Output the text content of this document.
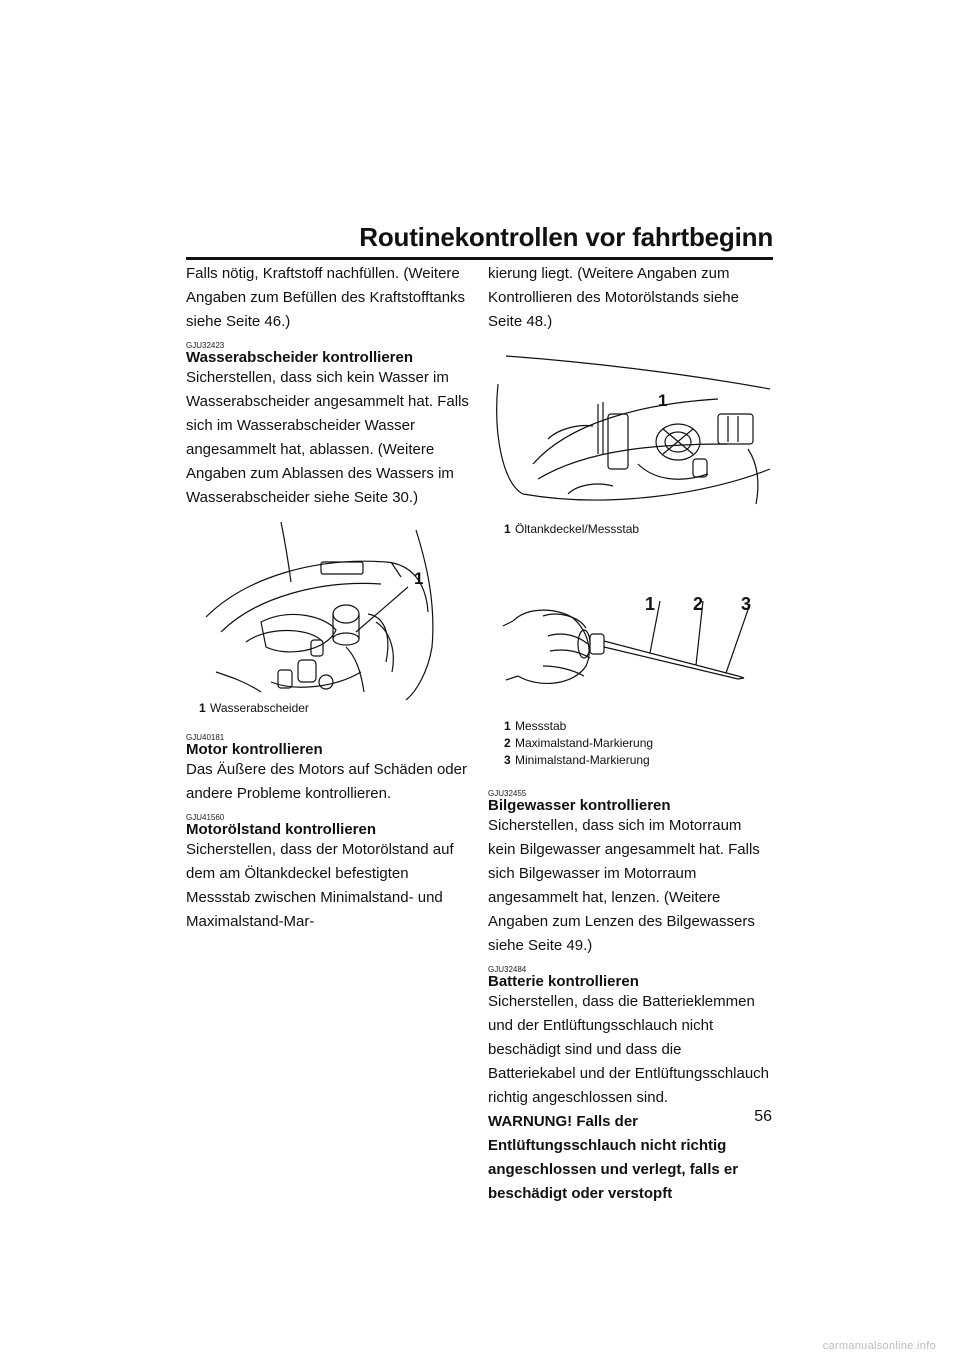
Routinekontrollen vor fahrtbeginn

Falls nötig, Kraftstoff nachfüllen. (Weitere Angaben zum Befüllen des Kraftstofftanks siehe Seite 46.)

GJU32423
Wasserabscheider kontrollieren

Sicherstellen, dass sich kein Wasser im Wasserabscheider angesammelt hat. Falls sich im Wasserabscheider Wasser angesammelt hat, ablassen. (Weitere Angaben zum Ablassen des Wassers im Wasserabscheider siehe Seite 30.)

1
1 Wasserabscheider
GJU40181
Motor kontrollieren

Das Äußere des Motors auf Schäden oder andere Probleme kontrollieren.

GJU41560
Motorölstand kontrollieren

Sicherstellen, dass der Motorölstand auf dem am Öltankdeckel befestigten Messstab zwischen Minimalstand- und Maximalstand-Mar-

kierung liegt. (Weitere Angaben zum Kontrollieren des Motorölstands siehe Seite 48.)

1
1 Öltankdeckel/Messstab
1 2 3
1 Messstab
2 Maximalstand-Markierung
3 Minimalstand-Markierung
GJU32455
Bilgewasser kontrollieren

Sicherstellen, dass sich im Motorraum kein Bilgewasser angesammelt hat. Falls sich Bilgewasser im Motorraum angesammelt hat, lenzen. (Weitere Angaben zum Lenzen des Bilgewassers siehe Seite 49.)

GJU32484
Batterie kontrollieren

Sicherstellen, dass die Batterieklemmen und der Entlüftungsschlauch nicht beschädigt sind und dass die Batteriekabel und der Entlüftungsschlauch richtig angeschlossen sind.

WARNUNG! Falls der Entlüftungsschlauch nicht richtig angeschlossen und verlegt, falls er beschädigt oder verstopft

56
carmanualsonline.info
